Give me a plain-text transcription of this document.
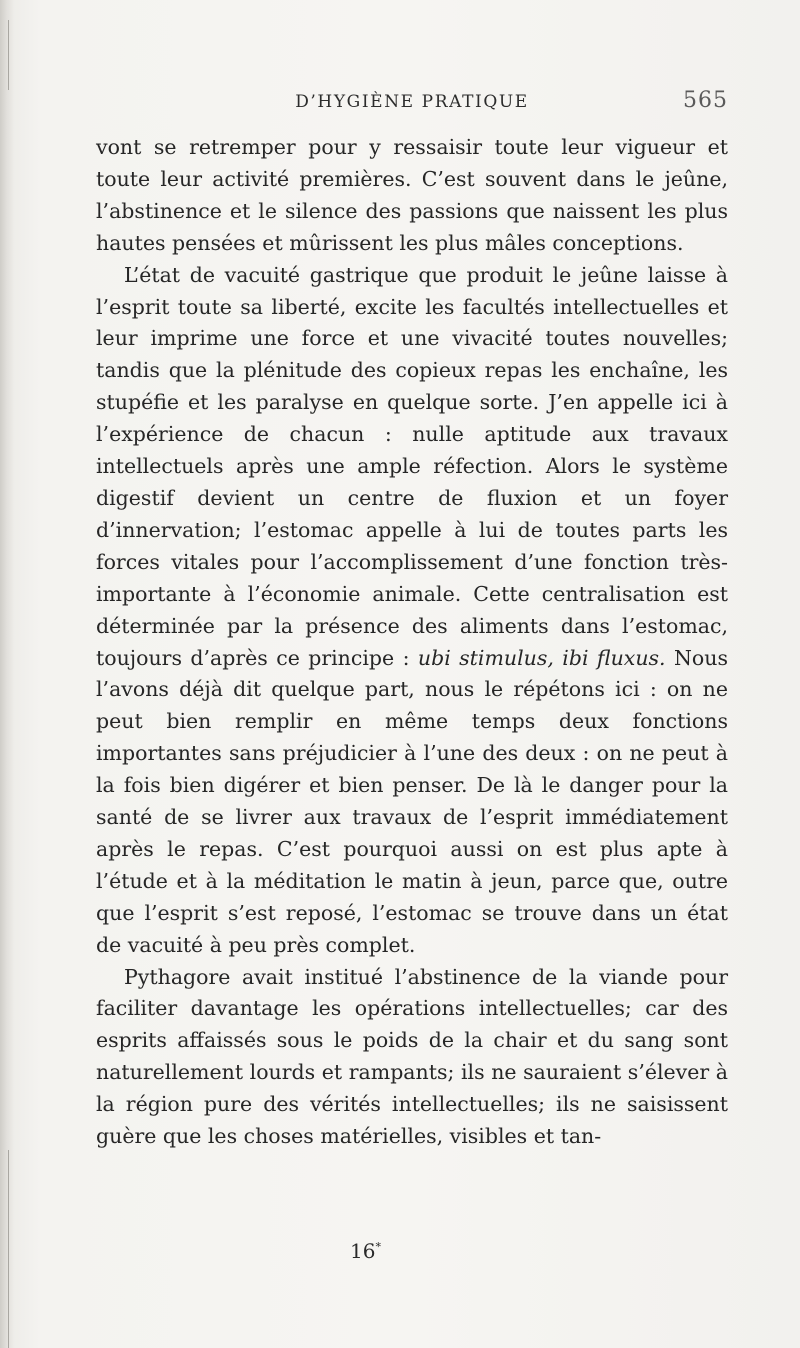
D’HYGIÈNE PRATIQUE	565

vont se retremper pour y ressaisir toute leur vigueur et toute leur activité premières. C’est souvent dans le jeûne, l’abstinence et le silence des passions que naissent les plus hautes pensées et mûrissent les plus mâles conceptions.

L’état de vacuité gastrique que produit le jeûne laisse à l’esprit toute sa liberté, excite les facultés intellectuelles et leur imprime une force et une vivacité toutes nouvelles; tandis que la plénitude des copieux repas les enchaîne, les stupéfie et les paralyse en quelque sorte. J’en appelle ici à l’expérience de chacun : nulle aptitude aux travaux intellectuels après une ample réfection. Alors le système digestif devient un centre de fluxion et un foyer d’innervation; l’estomac appelle à lui de toutes parts les forces vitales pour l’accomplissement d’une fonction très-importante à l’économie animale. Cette centralisation est déterminée par la présence des aliments dans l’estomac, toujours d’après ce principe : ubi stimulus, ibi fluxus. Nous l’avons déjà dit quelque part, nous le répétons ici : on ne peut bien remplir en même temps deux fonctions importantes sans préjudicier à l’une des deux : on ne peut à la fois bien digérer et bien penser. De là le danger pour la santé de se livrer aux travaux de l’esprit immédiatement après le repas. C’est pourquoi aussi on est plus apte à l’étude et à la méditation le matin à jeun, parce que, outre que l’esprit s’est reposé, l’estomac se trouve dans un état de vacuité à peu près complet.

Pythagore avait institué l’abstinence de la viande pour faciliter davantage les opérations intellectuelles; car des esprits affaissés sous le poids de la chair et du sang sont naturellement lourds et rampants; ils ne sauraient s’élever à la région pure des vérités intellectuelles; ils ne saisissent guère que les choses matérielles, visibles et tan-

16*
